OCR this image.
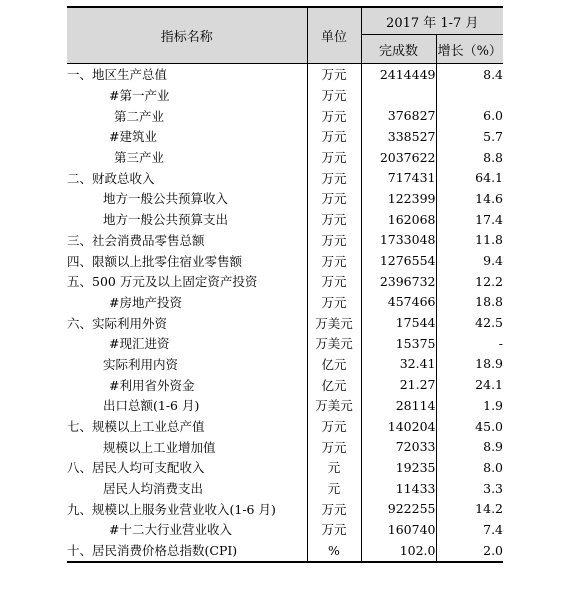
指标名称	单位	2017 年 1-7 月	
		完成数	增长（%）
一、地区生产总值	万元	2414449	8.4
#第一产业	万元		
第二产业	万元	376827	6.0
#建筑业	万元	338527	5.7
第三产业	万元	2037622	8.8
二、财政总收入	万元	717431	64.1
地方一般公共预算收入	万元	122399	14.6
地方一般公共预算支出	万元	162068	17.4
三、社会消费品零售总额	万元	1733048	11.8
四、限额以上批零住宿业零售额	万元	1276554	9.4
五、500 万元及以上固定资产投资	万元	2396732	12.2
#房地产投资	万元	457466	18.8
六、实际利用外资	万美元	17544	42.5
#现汇进资	万美元	15375	-
实际利用内资	亿元	32.41	18.9
#利用省外资金	亿元	21.27	24.1
出口总额(1-6 月)	万美元	28114	1.9
七、规模以上工业总产值	万元	140204	45.0
规模以上工业增加值	万元	72033	8.9
八、居民人均可支配收入	元	19235	8.0
居民人均消费支出	元	11433	3.3
九、规模以上服务业营业收入(1-6 月)	万元	922255	14.2
#十二大行业营业收入	万元	160740	7.4
十、居民消费价格总指数(CPI)	%	102.0	2.0
